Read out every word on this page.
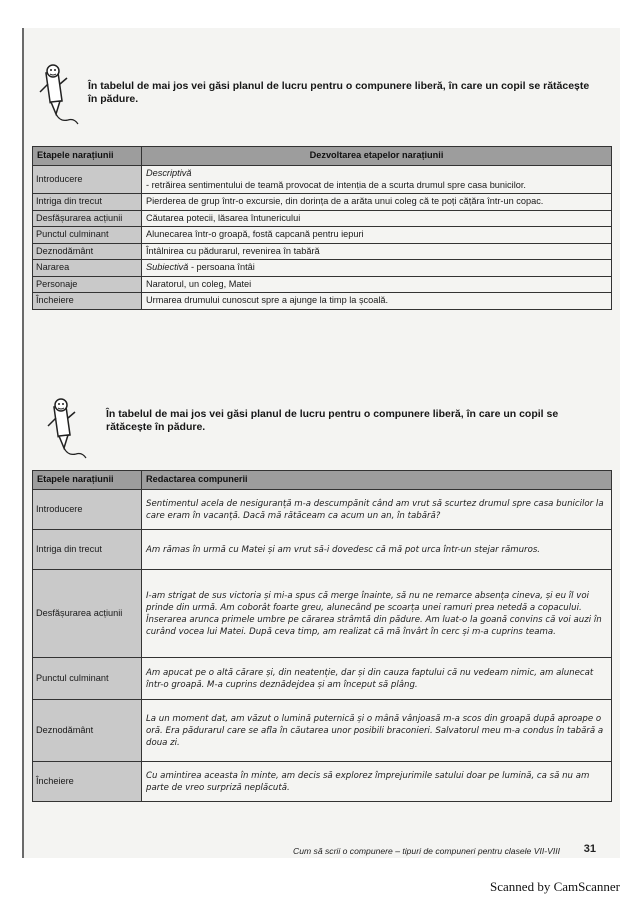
În tabelul de mai jos vei găsi planul de lucru pentru o compunere liberă, în care un copil se rătăcește în pădure.
Etapele narațiunii	Dezvoltarea etapelor narațiunii
Introducere	Descriptivă
- retrăirea sentimentului de teamă provocat de intenția de a scurta drumul spre casa bunicilor.
Intriga din trecut	Pierderea de grup într-o excursie, din dorința de a arăta unui coleg că te poți cățăra într-un copac.
Desfășurarea acțiunii	Căutarea potecii, lăsarea întunericului
Punctul culminant	Alunecarea într-o groapă, fostă capcană pentru iepuri
Deznodământ	Întâlnirea cu pădurarul, revenirea în tabără
Nararea	Subiectivă - persoana întâi
Personaje	Naratorul, un coleg, Matei
Încheiere	Urmarea drumului cunoscut spre a ajunge la timp la școală.
În tabelul de mai jos vei găsi planul de lucru pentru o compunere liberă, în care un copil se rătăcește în pădure.
Etapele narațiunii	Redactarea compunerii
Introducere	Sentimentul acela de nesiguranță m-a descumpănit când am vrut să scurtez drumul spre casa bunicilor la care eram în vacanță. Dacă mă rătăceam ca acum un an, în tabără?
Intriga din trecut	Am rămas în urmă cu Matei și am vrut să-i dovedesc că mă pot urca într-un stejar rămuros.
Desfășurarea acțiunii	I-am strigat de sus victoria și mi-a spus că merge înainte, să nu ne remarce absența cineva, și eu îl voi prinde din urmă. Am coborât foarte greu, alunecând pe scoarța unei ramuri prea netedă a copacului. Înserarea arunca primele umbre pe cărarea strâmtă din pădure. Am luat-o la goană convins că voi auzi în curând vocea lui Matei. După ceva timp, am realizat că mă învârt în cerc și m-a cuprins teama.
Punctul culminant	Am apucat pe o altă cărare și, din neatenție, dar și din cauza faptului că nu vedeam nimic, am alunecat într-o groapă. M-a cuprins deznădejdea și am început să plâng.
Deznodământ	La un moment dat, am văzut o lumină puternică și o mână vânjoasă m-a scos din groapă după aproape o oră. Era pădurarul care se afla în căutarea unor posibili braconieri. Salvatorul meu m-a condus în tabără a doua zi.
Încheiere	Cu amintirea aceasta în minte, am decis să explorez împrejurimile satului doar pe lumină, ca să nu am parte de vreo surpriză neplăcută.
Cum să scrii o compunere – tipuri de compuneri pentru clasele VII-VIII 31
Scanned by CamScanner
